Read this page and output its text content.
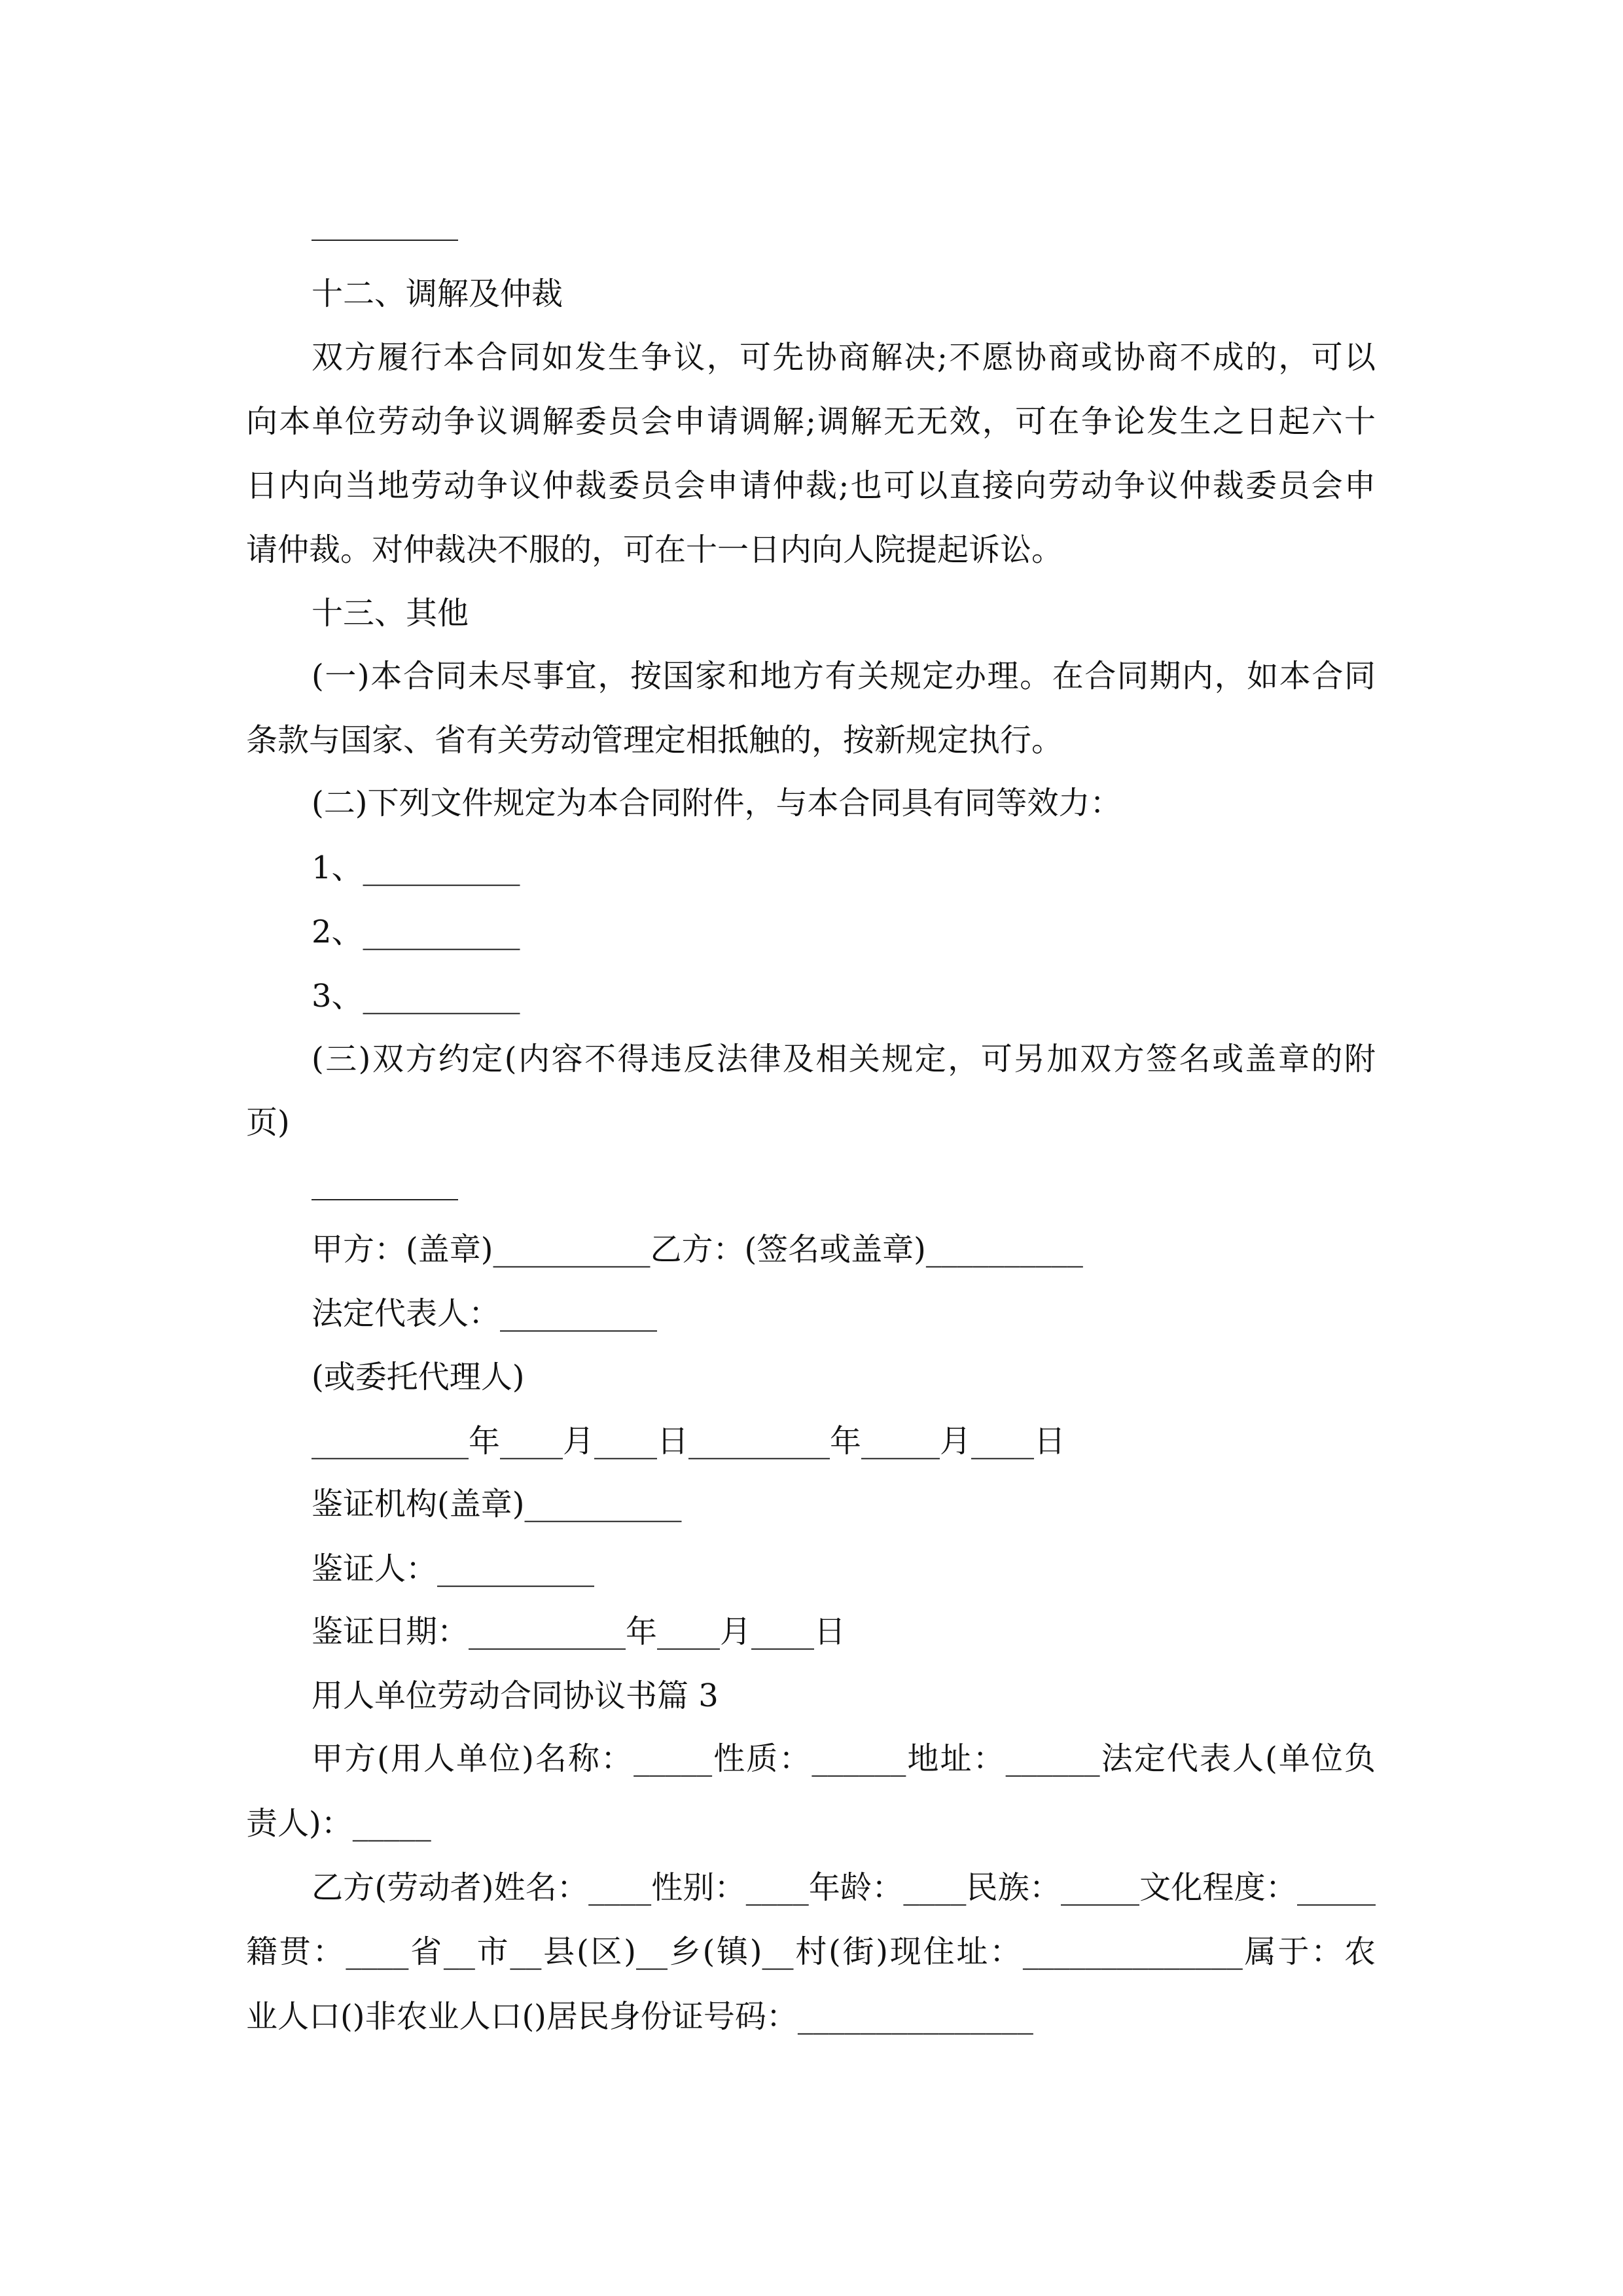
十二、调解及仲裁
双方履行本合同如发生争议，可先协商解决;不愿协商或协商不成的，可以
向本单位劳动争议调解委员会申请调解;调解无无效，可在争论发生之日起六十
日内向当地劳动争议仲裁委员会申请仲裁;也可以直接向劳动争议仲裁委员会申
请仲裁。对仲裁决不服的，可在十一日内向人院提起诉讼。
十三、其他
(一)本合同未尽事宜，按国家和地方有关规定办理。在合同期内，如本合同
条款与国家、省有关劳动管理定相抵触的，按新规定执行。
(二)下列文件规定为本合同附件，与本合同具有同等效力：
1、__________
2、__________
3、__________
(三)双方约定(内容不得违反法律及相关规定，可另加双方签名或盖章的附
页)
甲方：(盖章)__________乙方：(签名或盖章)__________
法定代表人：__________
(或委托代理人)
__________年____月____日_________年_____月____日
鉴证机构(盖章)__________
鉴证人：__________
鉴证日期：__________年____月____日
用人单位劳动合同协议书篇 3
甲方(用人单位)名称：_____性质：______地址：______法定代表人(单位负
责人)：_____
乙方(劳动者)姓名：____性别：____年龄：____民族：_____文化程度：_____
籍贯：____省__市__县(区)__乡(镇)__村(街)现住址：______________属于：农
业人口()非农业人口()居民身份证号码：_______________
